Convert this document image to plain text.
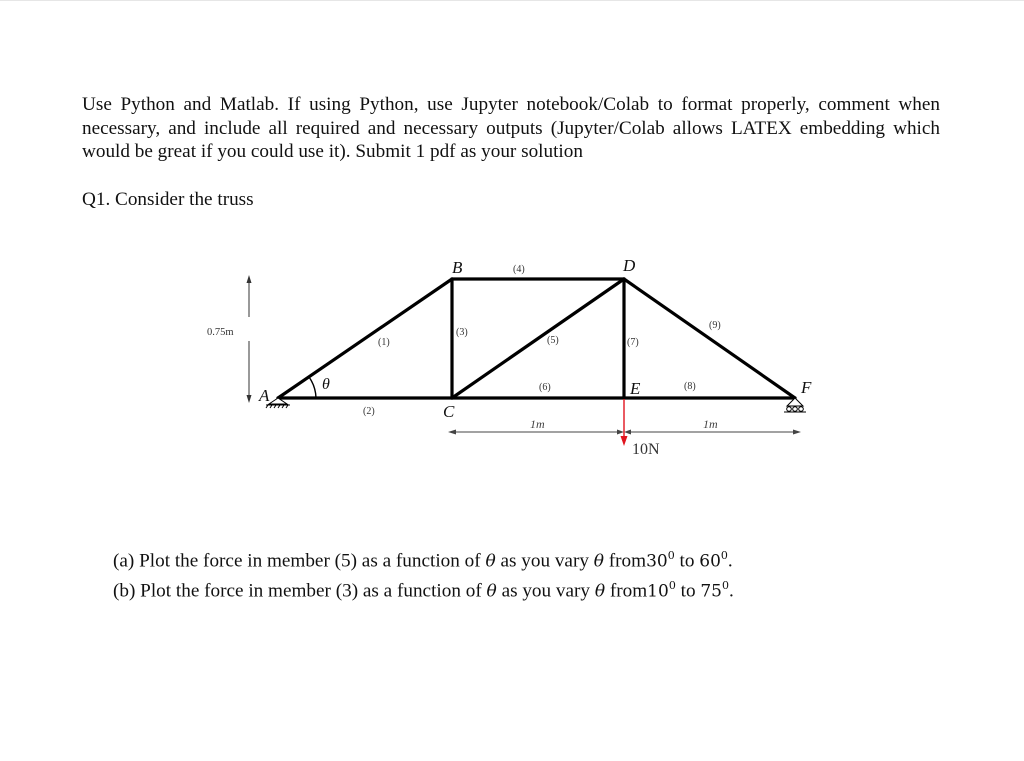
Use Python and Matlab. If using Python, use Jupyter notebook/Colab to format properly, comment when necessary, and include all required and necessary outputs (Jupyter/Colab allows LATEX embedding which would be great if you could use it). Submit 1 pdf as your solution
Q1. Consider the truss
A
B
C
D
E	F
(1)
(2)
(3)
(4)
(5)
(6)
(7)
(8)
(9)
0.75m
θ
1m	1m
10N
(a) Plot the force in member (5) as a function of θ as you vary θ $from30^0$ to $60^0$.
(b) Plot the force in member (3) as a function of θ as you vary θ $from10^0$ to $75^0$.
